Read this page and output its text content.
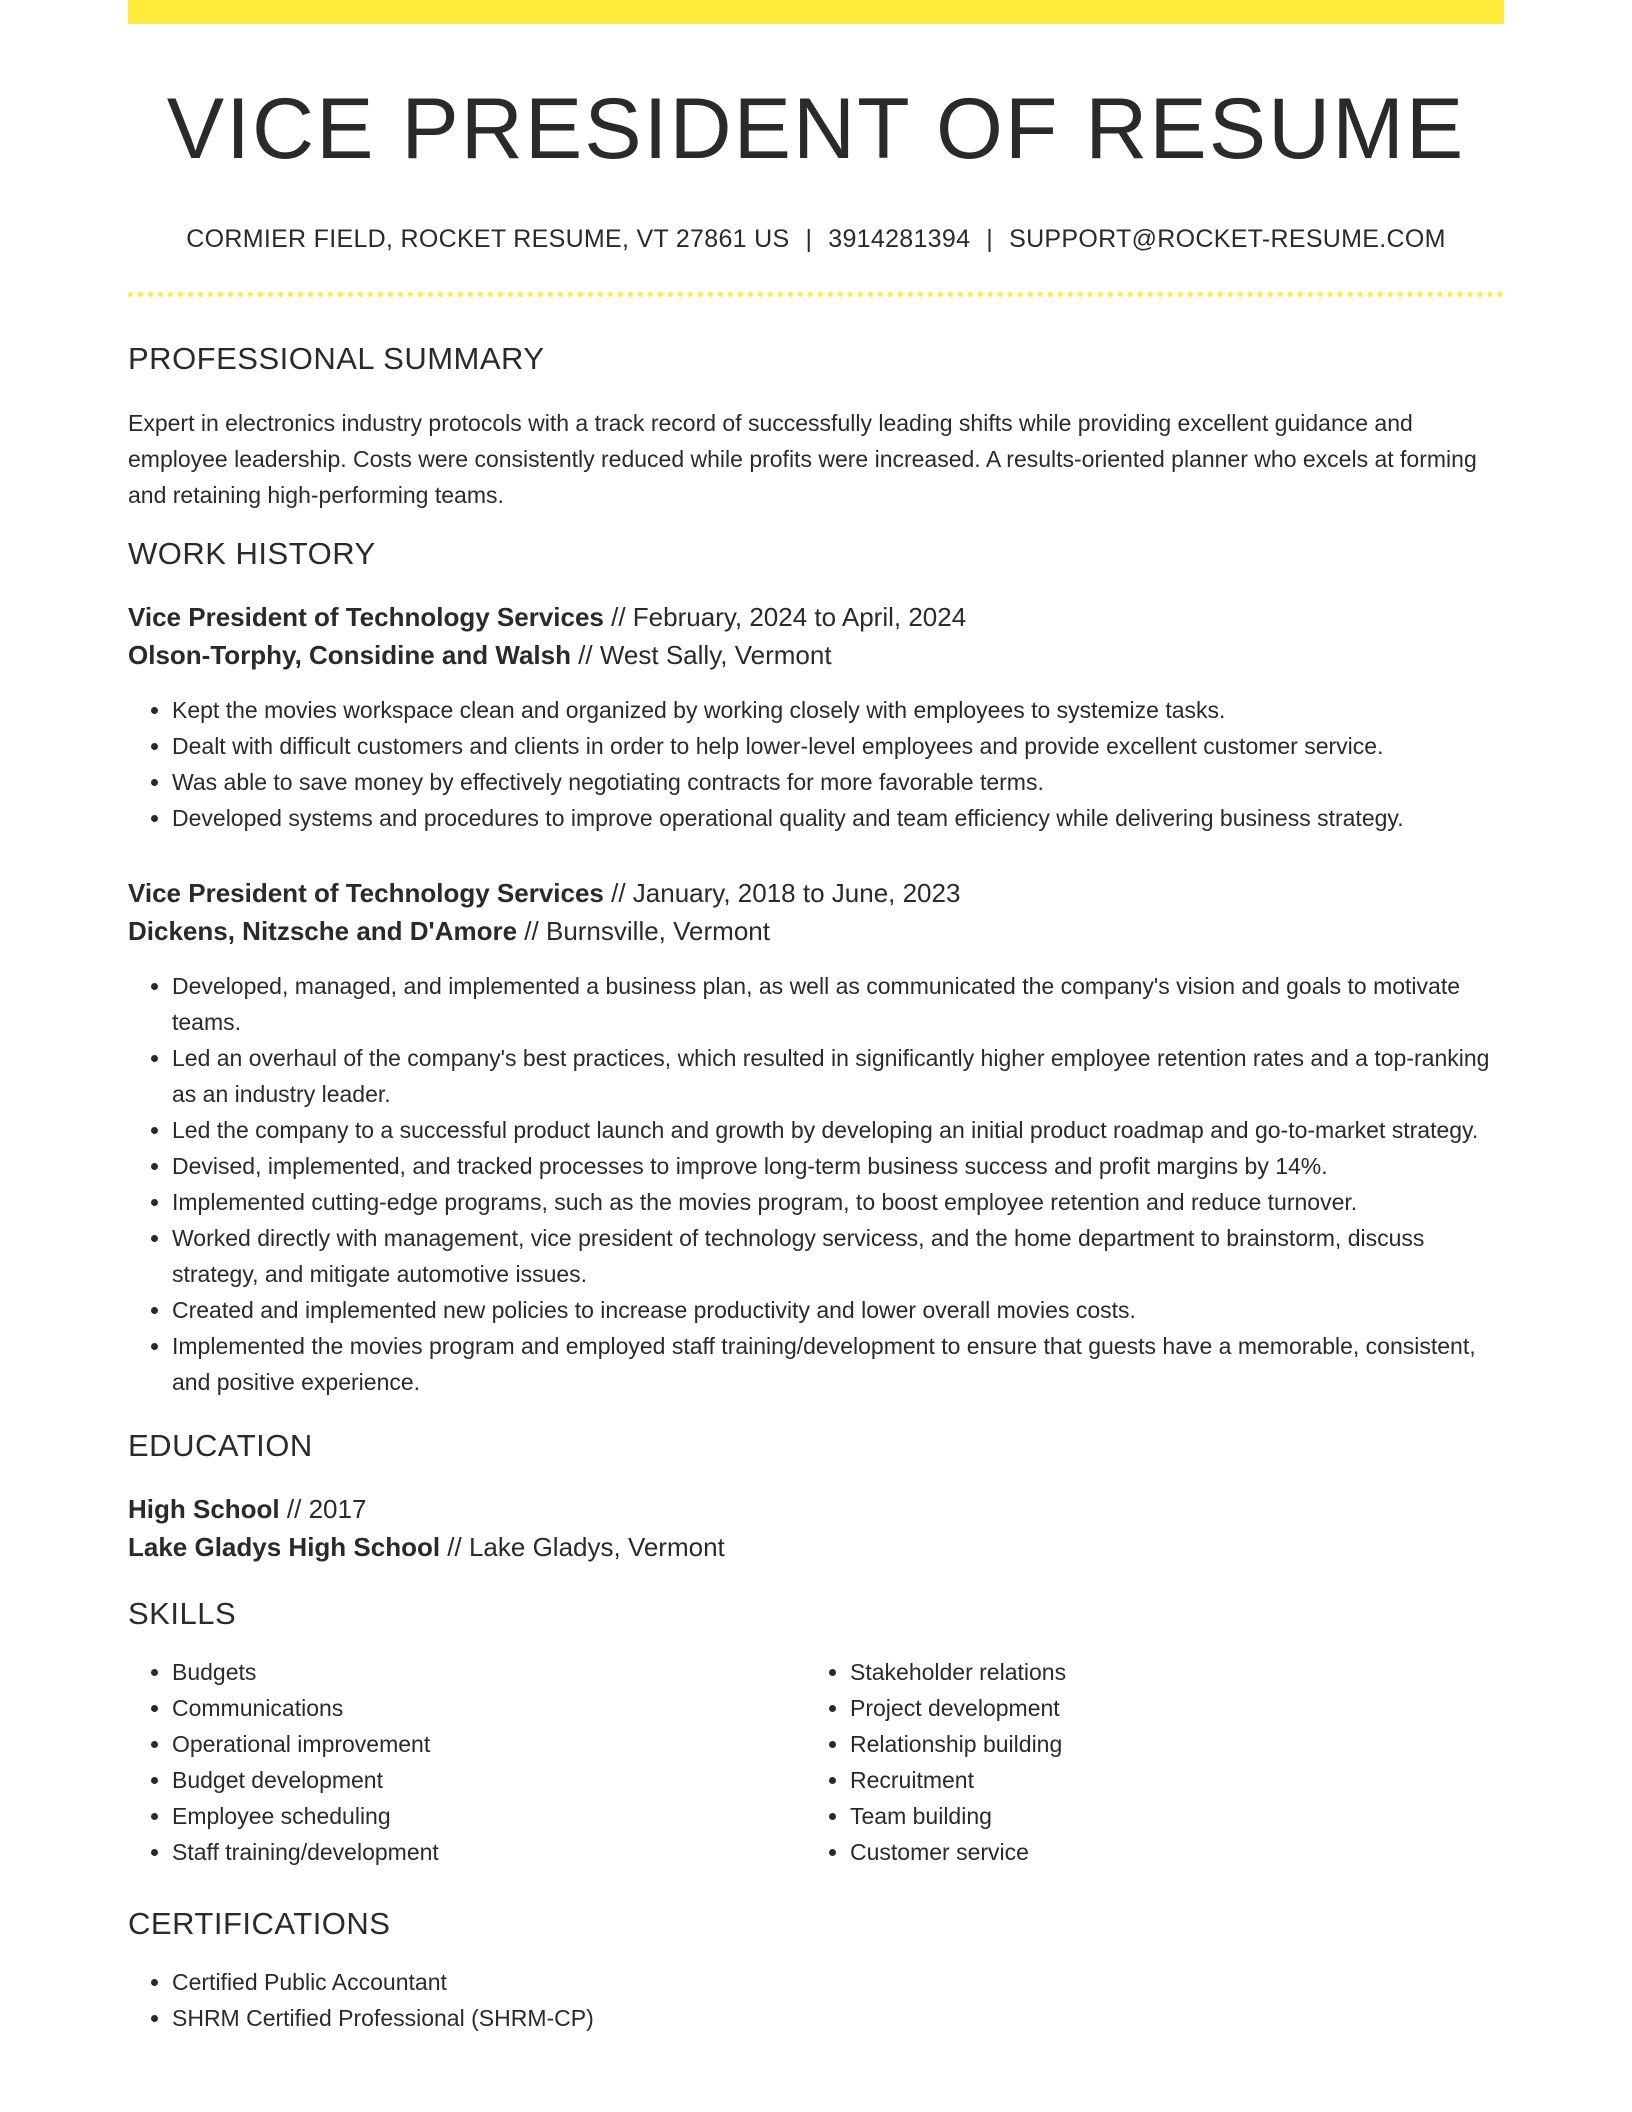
VICE PRESIDENT OF RESUME
CORMIER FIELD, ROCKET RESUME, VT 27861 US | 3914281394 | SUPPORT@ROCKET-RESUME.COM
PROFESSIONAL SUMMARY

Expert in electronics industry protocols with a track record of successfully leading shifts while providing excellent guidance and employee leadership. Costs were consistently reduced while profits were increased. A results-oriented planner who excels at forming and retaining high-performing teams.

WORK HISTORY
Vice President of Technology Services // February, 2024 to April, 2024
Olson-Torphy, Considine and Walsh // West Sally, Vermont
• Kept the movies workspace clean and organized by working closely with employees to systemize tasks.
• Dealt with difficult customers and clients in order to help lower-level employees and provide excellent customer service.
• Was able to save money by effectively negotiating contracts for more favorable terms.
• Developed systems and procedures to improve operational quality and team efficiency while delivering business strategy.
Vice President of Technology Services // January, 2018 to June, 2023
Dickens, Nitzsche and D'Amore // Burnsville, Vermont
• Developed, managed, and implemented a business plan, as well as communicated the company's vision and goals to motivate teams.
• Led an overhaul of the company's best practices, which resulted in significantly higher employee retention rates and a top-ranking as an industry leader.
• Led the company to a successful product launch and growth by developing an initial product roadmap and go-to-market strategy.
• Devised, implemented, and tracked processes to improve long-term business success and profit margins by 14%.
• Implemented cutting-edge programs, such as the movies program, to boost employee retention and reduce turnover.
• Worked directly with management, vice president of technology servicess, and the home department to brainstorm, discuss strategy, and mitigate automotive issues.
• Created and implemented new policies to increase productivity and lower overall movies costs.
• Implemented the movies program and employed staff training/development to ensure that guests have a memorable, consistent, and positive experience.
EDUCATION
High School // 2017
Lake Gladys High School // Lake Gladys, Vermont
SKILLS
• Budgets
• Communications
• Operational improvement
• Budget development
• Employee scheduling
• Staff training/development
• Stakeholder relations
• Project development
• Relationship building
• Recruitment
• Team building
• Customer service
CERTIFICATIONS
• Certified Public Accountant
• SHRM Certified Professional (SHRM-CP)
